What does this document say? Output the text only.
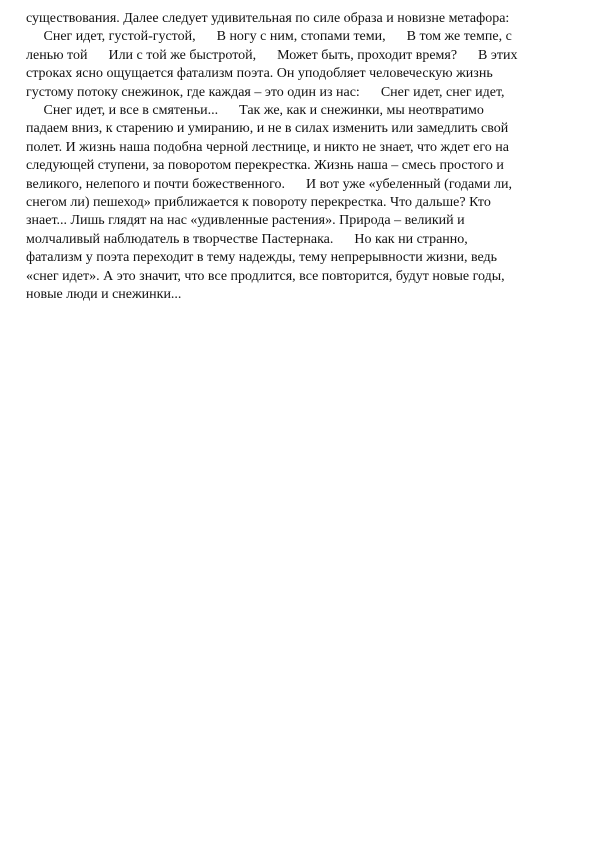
существования. Далее следует удивительная по силе образа и новизне метафора:
Снег идет, густой-густой,      В ногу с ним, стопами теми,      В том же темпе, с
ленью той      Или с той же быстротой,      Может быть, проходит время?      В этих
строках ясно ощущается фатализм поэта. Он уподобляет человеческую жизнь
густому потоку снежинок, где каждая – это один из нас:      Снег идет, снег идет,
Снег идет, и все в смятеньи...      Так же, как и снежинки, мы неотвратимо
падаем вниз, к старению и умиранию, и не в силах изменить или замедлить свой
полет. И жизнь наша подобна черной лестнице, и никто не знает, что ждет его на
следующей ступени, за поворотом перекрестка. Жизнь наша – смесь простого и
великого, нелепого и почти божественного.      И вот уже «убеленный (годами ли,
снегом ли) пешеход» приближается к повороту перекрестка. Что дальше? Кто
знает... Лишь глядят на нас «удивленные растения». Природа – великий и
молчаливый наблюдатель в творчестве Пастернака.      Но как ни странно,
фатализм у поэта переходит в тему надежды, тему непрерывности жизни, ведь
«снег идет». А это значит, что все продлится, все повторится, будут новые годы,
новые люди и снежинки...
